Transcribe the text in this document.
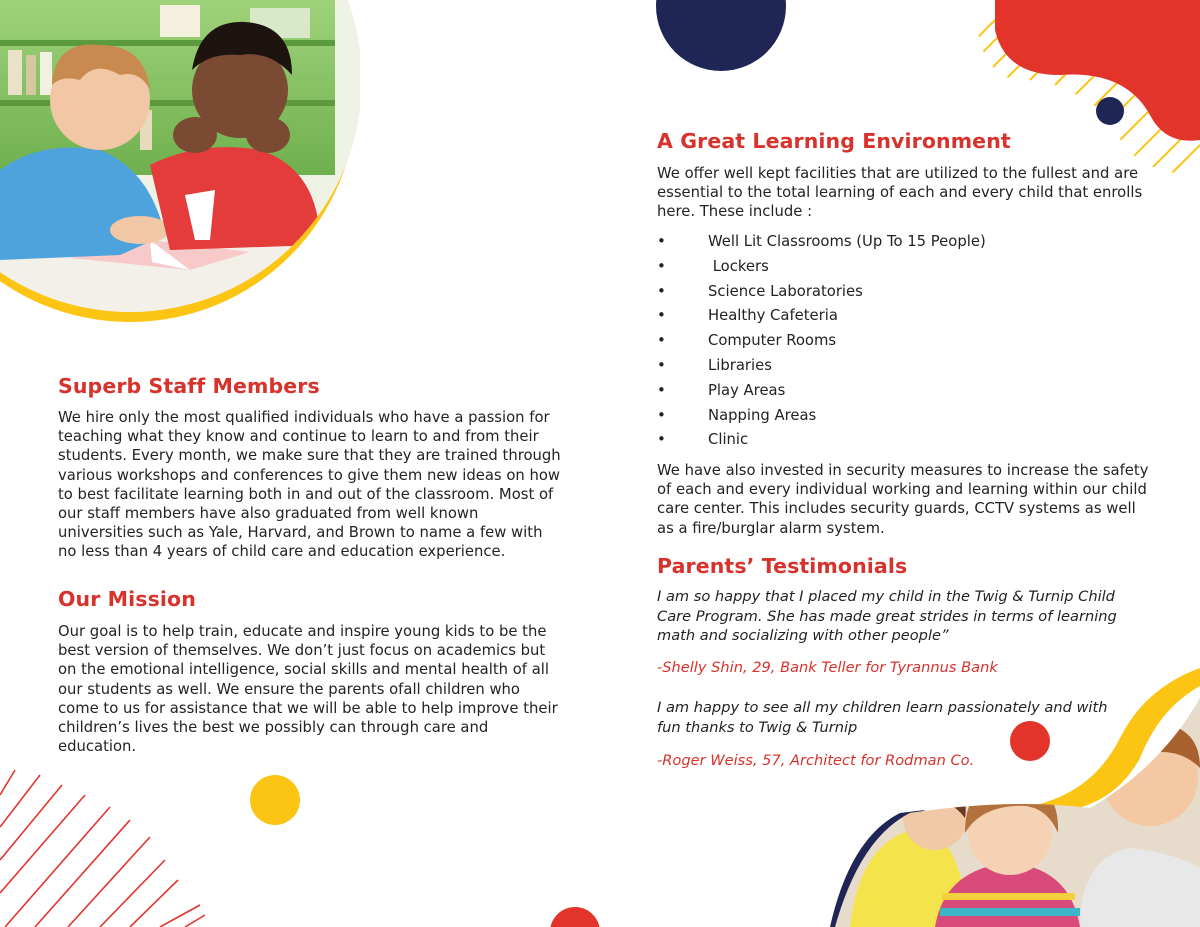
Superb Staff Members

We hire only the most qualified individuals who have a passion for teaching what they know and continue to learn to and from their students. Every month, we make sure that they are trained through various workshops and conferences to give them new ideas on how to best facilitate learning both in and out of the classroom. Most of our staff members have also graduated from well known universities such as Yale, Harvard, and Brown to name a few with no less than 4 years of child care and education experience.

Our Mission

Our goal is to help train, educate and inspire young kids to be the best version of themselves. We don’t just focus on academics but on the emotional intelligence, social skills and mental health of all our students as well. We ensure the parents ofall children who come to us for assistance that we will be able to help improve their children’s lives the best we possibly can through care and education.

A Great Learning Environment

We offer well kept facilities that are utilized to the fullest and are essential to the total learning of each and every child that enrolls here. These include :

•	Well Lit Classrooms (Up To 15 People)
•	Lockers
•	Science Laboratories
•	Healthy Cafeteria
•	Computer Rooms
•	Libraries
•	Play Areas
•	Napping Areas
•	Clinic

We have also invested in security measures to increase the safety of each and every individual working and learning within our child care center. This includes security guards, CCTV systems as well as a fire/burglar alarm system.

Parents’ Testimonials

I am so happy that I placed my child in the Twig & Turnip Child Care Program. She has made great strides in terms of learning math and socializing with other people”

-Shelly Shin, 29, Bank Teller for Tyrannus Bank

I am happy to see all my children learn passionately and with fun thanks to Twig & Turnip

-Roger Weiss, 57, Architect for Rodman Co.
